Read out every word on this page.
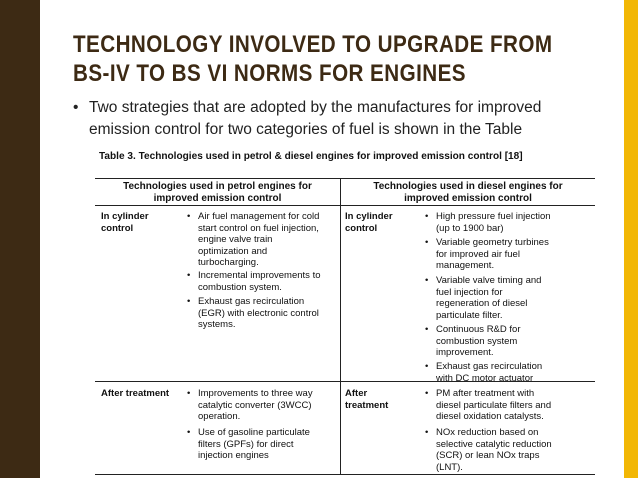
TECHNOLOGY INVOLVED TO UPGRADE FROM
BS-IV TO BS VI NORMS FOR ENGINES
• Two strategies that are adopted by the manufactures for improved emission control for two categories of fuel is shown in the Table
Table 3. Technologies used in petrol & diesel engines for improved emission control [18]
Technologies used in petrol engines for
improved emission control
Technologies used in diesel engines for
improved emission control
In cylinder
control
In cylinder
control
• Air fuel management for cold
start control on fuel injection,
engine valve train
optimization and
turbocharging.
• Incremental improvements to
combustion system.
• Exhaust gas recirculation
(EGR) with electronic control
systems.
• High pressure fuel injection
(up to 1900 bar)
• Variable geometry turbines
for improved air fuel
management.
• Variable valve timing and
fuel injection for
regeneration of diesel
particulate filter.
• Continuous R&D for
combustion system
improvement.
• Exhaust gas recirculation
with DC motor actuator
After treatment	After
treatment
• Improvements to three way
catalytic converter (3WCC)
operation.
• Use of gasoline particulate
filters (GPFs) for direct
injection engines
• PM after treatment with
diesel particulate filters and
diesel oxidation catalysts.
• NOx reduction based on
selective catalytic reduction
(SCR) or lean NOx traps
(LNT).
